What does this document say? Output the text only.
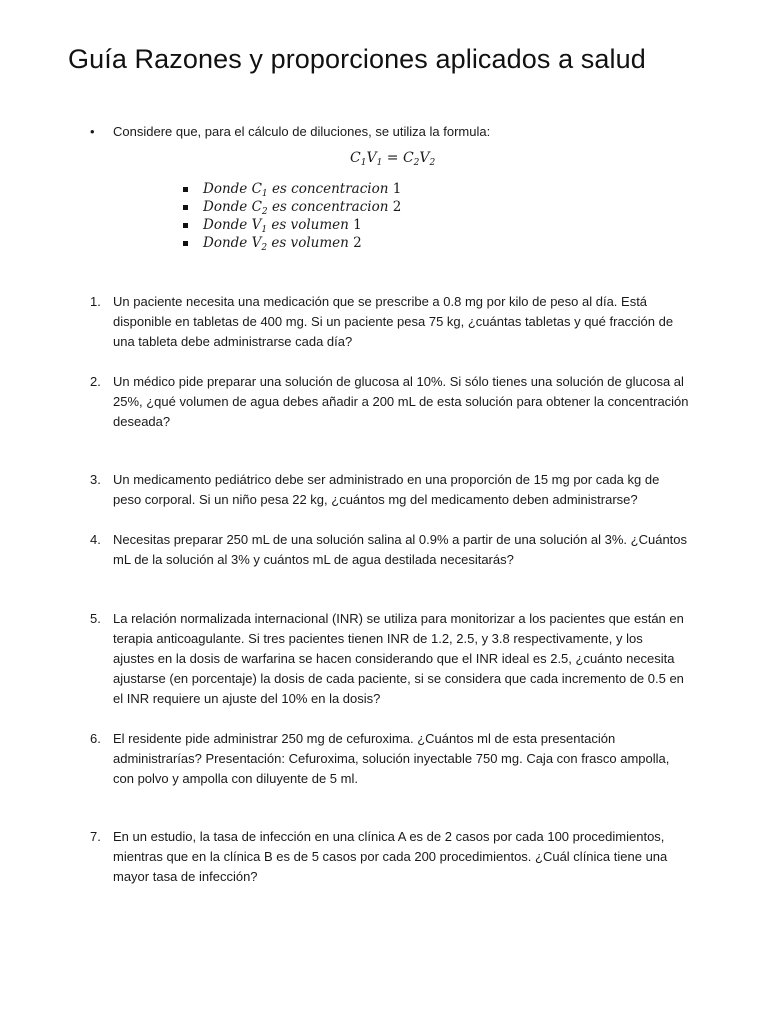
Guía Razones y proporciones aplicados a salud
• Considere que, para el cálculo de diluciones, se utiliza la formula:
$C_1V_1 = C_2V_2$
Donde $C_1$ es concentracion 1
Donde $C_2$ es concentracion 2
Donde $V_1$ es volumen 1
Donde $V_2$ es volumen 2
1. Un paciente necesita una medicación que se prescribe a 0.8 mg por kilo de peso al día. Está
disponible en tabletas de 400 mg. Si un paciente pesa 75 kg, ¿cuántas tabletas y qué fracción de
una tableta debe administrarse cada día?
2. Un médico pide preparar una solución de glucosa al 10%. Si sólo tienes una solución de glucosa al
25%, ¿qué volumen de agua debes añadir a 200 mL de esta solución para obtener la concentración
deseada?
3. Un medicamento pediátrico debe ser administrado en una proporción de 15 mg por cada kg de
peso corporal. Si un niño pesa 22 kg, ¿cuántos mg del medicamento deben administrarse?
4. Necesitas preparar 250 mL de una solución salina al 0.9% a partir de una solución al 3%. ¿Cuántos
mL de la solución al 3% y cuántos mL de agua destilada necesitarás?
5. La relación normalizada internacional (INR) se utiliza para monitorizar a los pacientes que están en
terapia anticoagulante. Si tres pacientes tienen INR de 1.2, 2.5, y 3.8 respectivamente, y los
ajustes en la dosis de warfarina se hacen considerando que el INR ideal es 2.5, ¿cuánto necesita
ajustarse (en porcentaje) la dosis de cada paciente, si se considera que cada incremento de 0.5 en
el INR requiere un ajuste del 10% en la dosis?
6. El residente pide administrar 250 mg de cefuroxima. ¿Cuántos ml de esta presentación
administrarías? Presentación: Cefuroxima, solución inyectable 750 mg. Caja con frasco ampolla,
con polvo y ampolla con diluyente de 5 ml.
7. En un estudio, la tasa de infección en una clínica A es de 2 casos por cada 100 procedimientos,
mientras que en la clínica B es de 5 casos por cada 200 procedimientos. ¿Cuál clínica tiene una
mayor tasa de infección?
